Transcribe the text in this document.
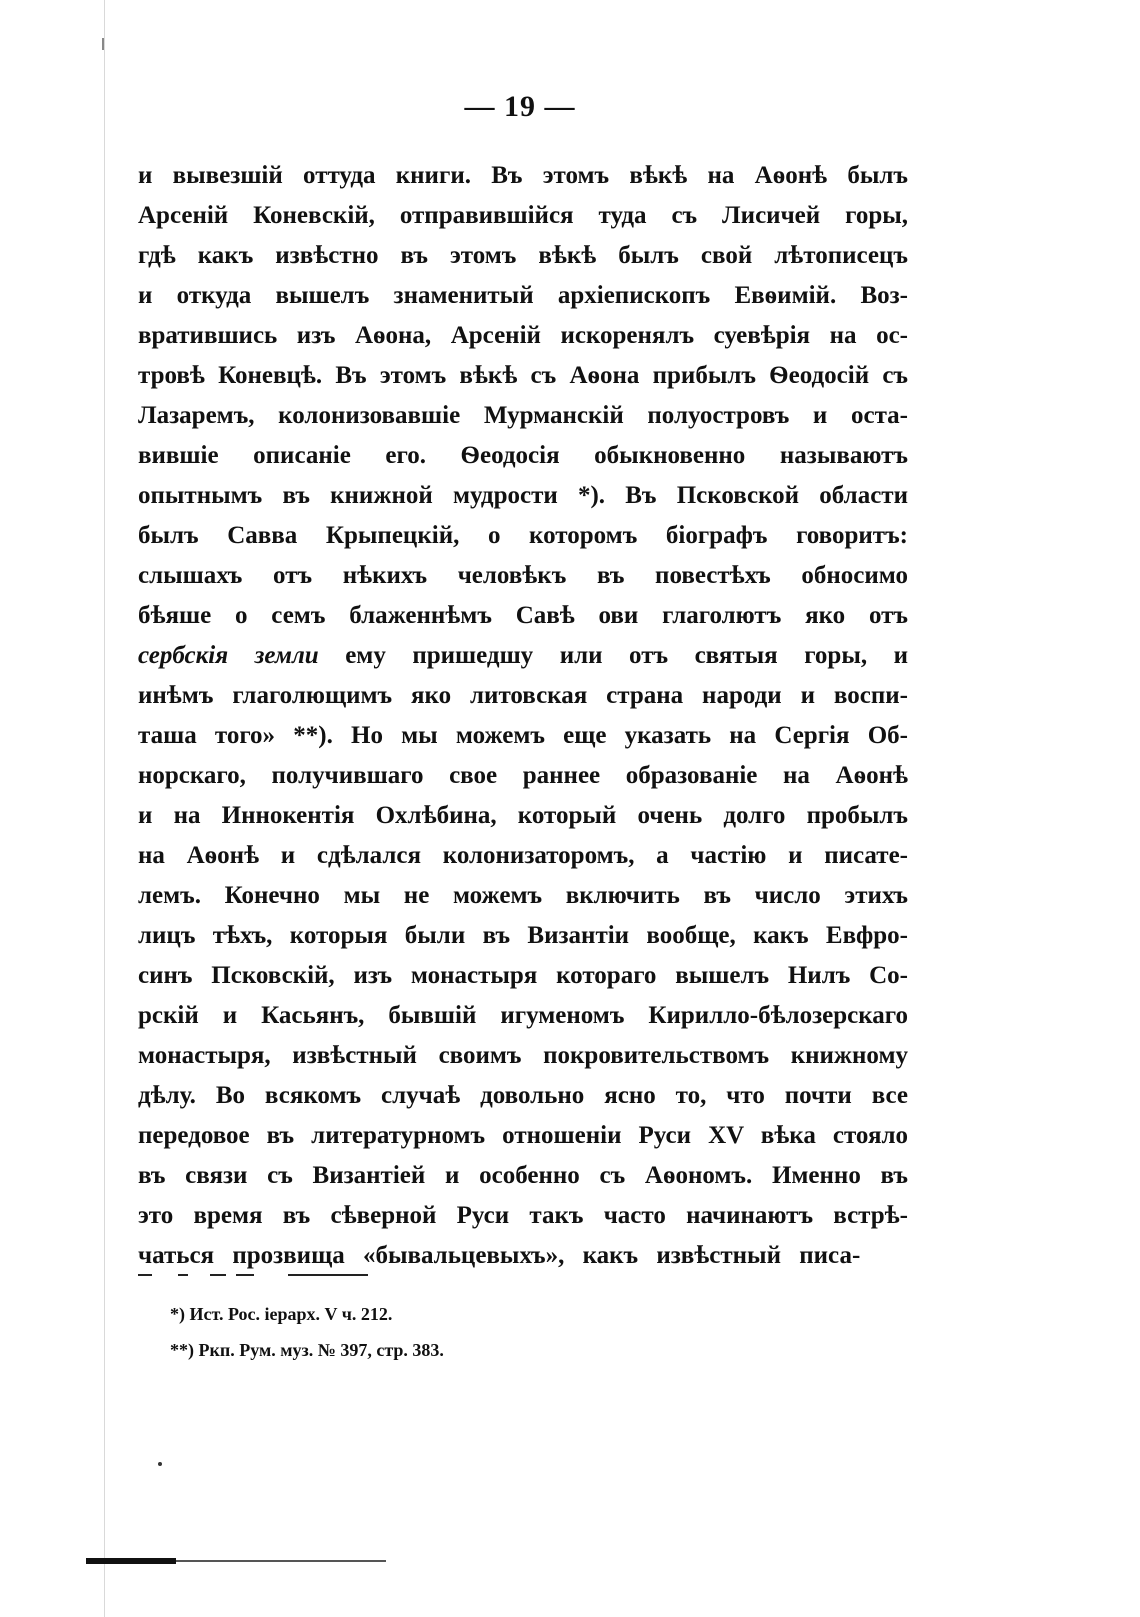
— 19 —
и вывезшій оттуда книги. Въ этомъ вѣкѣ на Аѳонѣ былъ
Арсеній Коневскій, отправившійся туда съ Лисичей горы,
гдѣ какъ извѣстно въ этомъ вѣкѣ былъ свой лѣтописецъ
и откуда вышелъ знаменитый архіепископъ Евѳимій. Воз-
вратившись изъ Аѳона, Арсеній искоренялъ суевѣрія на ос-
тровѣ Коневцѣ. Въ этомъ вѣкѣ съ Аѳона прибылъ Ѳеодосій съ
Лазаремъ, колонизовавшіе Мурманскій полуостровъ и оста-
вившіе описаніе его. Ѳеодосія обыкновенно называютъ
опытнымъ въ книжной мудрости *). Въ Псковской области
былъ Савва Крыпецкій, о которомъ біографъ говоритъ:
слышахъ отъ нѣкихъ человѣкъ въ повестѣхъ обносимо
бѣяше о семъ блаженнѣмъ Савѣ ови глаголютъ яко отъ
сербскія земли ему пришедшу или отъ святыя горы, и
инѣмъ глаголющимъ яко литовская страна народи и воспи-
таша того» **). Но мы можемъ еще указать на Сергія Об-
норскаго, получившаго свое раннее образованіе на Аѳонѣ
и на Иннокентія Охлѣбина, который очень долго пробылъ
на Аѳонѣ и сдѣлался колонизаторомъ, а частію и писате-
лемъ. Конечно мы не можемъ включить въ число этихъ
лицъ тѣхъ, которыя были въ Византіи вообще, какъ Евфро-
синъ Псковскій, изъ монастыря котораго вышелъ Нилъ Со-
рскій и Касьянъ, бывшій игуменомъ Кирилло-бѣлозерскаго
монастыря, извѣстный своимъ покровительствомъ книжному
дѣлу. Во всякомъ случаѣ довольно ясно то, что почти все
передовое въ литературномъ отношеніи Руси XV вѣка стояло
въ связи съ Византіей и особенно съ Аѳономъ. Именно въ
это время въ сѣверной Руси такъ часто начинаютъ встрѣ-
чаться прозвища «бывальцевыхъ», какъ извѣстный писа-
*) Ист. Рос. іерарх. V ч. 212.
**) Ркп. Рум. муз. № 397, стр. 383.
